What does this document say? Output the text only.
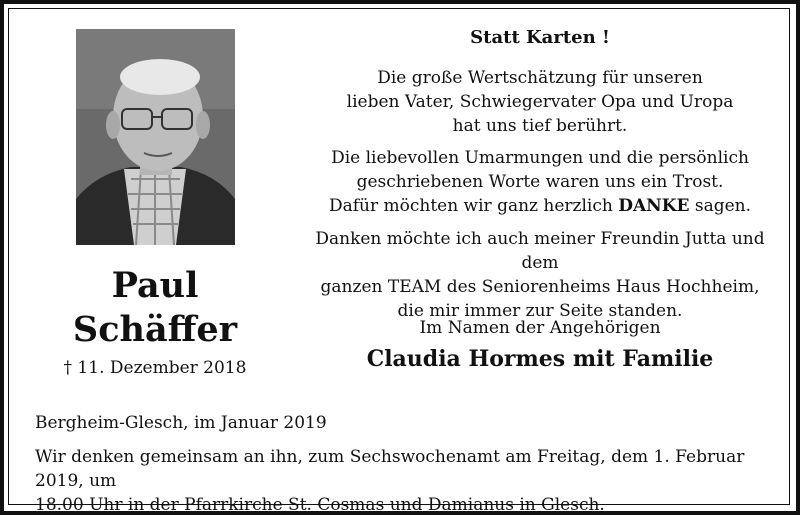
Paul
Schäffer
† 11. Dezember 2018
Statt Karten !
Die große Wertschätzung für unseren
lieben Vater, Schwiegervater Opa und Uropa
hat uns tief berührt.
Die liebevollen Umarmungen und die persönlich
geschriebenen Worte waren uns ein Trost.
Dafür möchten wir ganz herzlich DANKE sagen.
Danken möchte ich auch meiner Freundin Jutta und dem
ganzen TEAM des Seniorenheims Haus Hochheim,
die mir immer zur Seite standen.
Im Namen der Angehörigen
Claudia Hormes mit Familie
Bergheim-Glesch, im Januar 2019
Wir denken gemeinsam an ihn, zum Sechswochenamt am Freitag, dem 1. Februar 2019, um
18.00 Uhr in der Pfarrkirche St. Cosmas und Damianus in Glesch.
